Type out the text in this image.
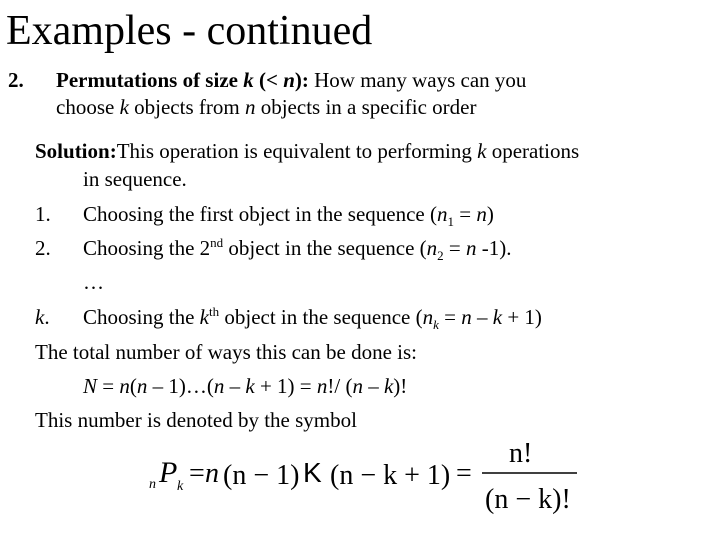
Examples - continued
2. Permutations of size k (< n): How many ways can you
choose k objects from n objects in a specific order
Solution:This operation is equivalent to performing k operations
in sequence.
1. Choosing the first object in the sequence $(n_1 = n)$
2. Choosing the 2nd object in the sequence ($n_2 = n$ -1).
…
k. Choosing the $k^{th}$ object in the sequence $(n_k = n - k + 1)$
The total number of ways this can be done is:
N = n(n – 1)…(n – k + 1) = n!/ (n – k)!
This number is denoted by the symbol
n P k = n (n − 1) K (n − k + 1) =
n!
(n − k)!
